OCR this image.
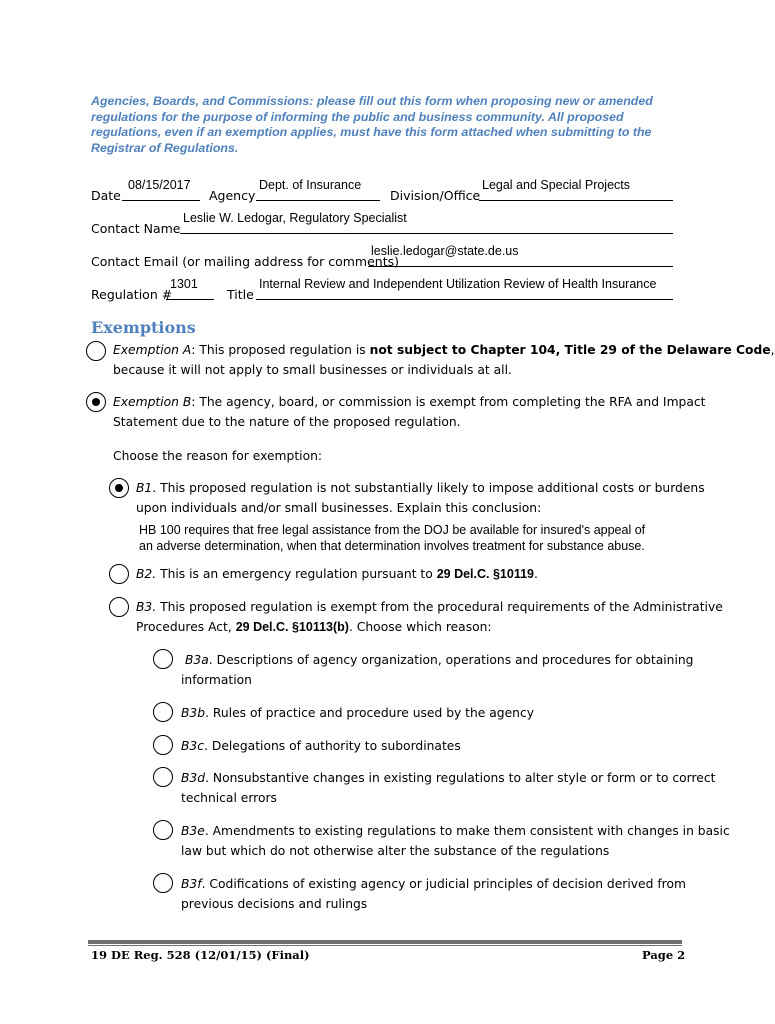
Agencies, Boards, and Commissions: please fill out this form when proposing new or amended regulations for the purpose of informing the public and business community. All proposed regulations, even if an exemption applies, must have this form attached when submitting to the Registrar of Regulations.
Date
08/15/2017
Agency
Dept. of Insurance
Division/Office
Legal and Special Projects
Contact Name
Leslie W. Ledogar, Regulatory Specialist
Contact Email (or mailing address for comments)
leslie.ledogar@state.de.us
Regulation #
1301
Title
Internal Review and Independent Utilization Review of Health Insurance
Exemptions
Exemption A: This proposed regulation is not subject to Chapter 104, Title 29 of the Delaware Code,
because it will not apply to small businesses or individuals at all.
Exemption B: The agency, board, or commission is exempt from completing the RFA and Impact
Statement due to the nature of the proposed regulation.
Choose the reason for exemption:
B1. This proposed regulation is not substantially likely to impose additional costs or burdens
upon individuals and/or small businesses. Explain this conclusion:
HB 100 requires that free legal assistance from the DOJ be available for insured's appeal of
an adverse determination, when that determination involves treatment for substance abuse.
B2. This is an emergency regulation pursuant to 29 Del.C. §10119.
B3. This proposed regulation is exempt from the procedural requirements of the Administrative
Procedures Act, 29 Del.C. §10113(b). Choose which reason:
B3a. Descriptions of agency organization, operations and procedures for obtaining
information
B3b. Rules of practice and procedure used by the agency
B3c. Delegations of authority to subordinates
B3d. Nonsubstantive changes in existing regulations to alter style or form or to correct
technical errors
B3e. Amendments to existing regulations to make them consistent with changes in basic
law but which do not otherwise alter the substance of the regulations
B3f. Codifications of existing agency or judicial principles of decision derived from
previous decisions and rulings
19 DE Reg. 528 (12/01/15) (Final)	Page 2
